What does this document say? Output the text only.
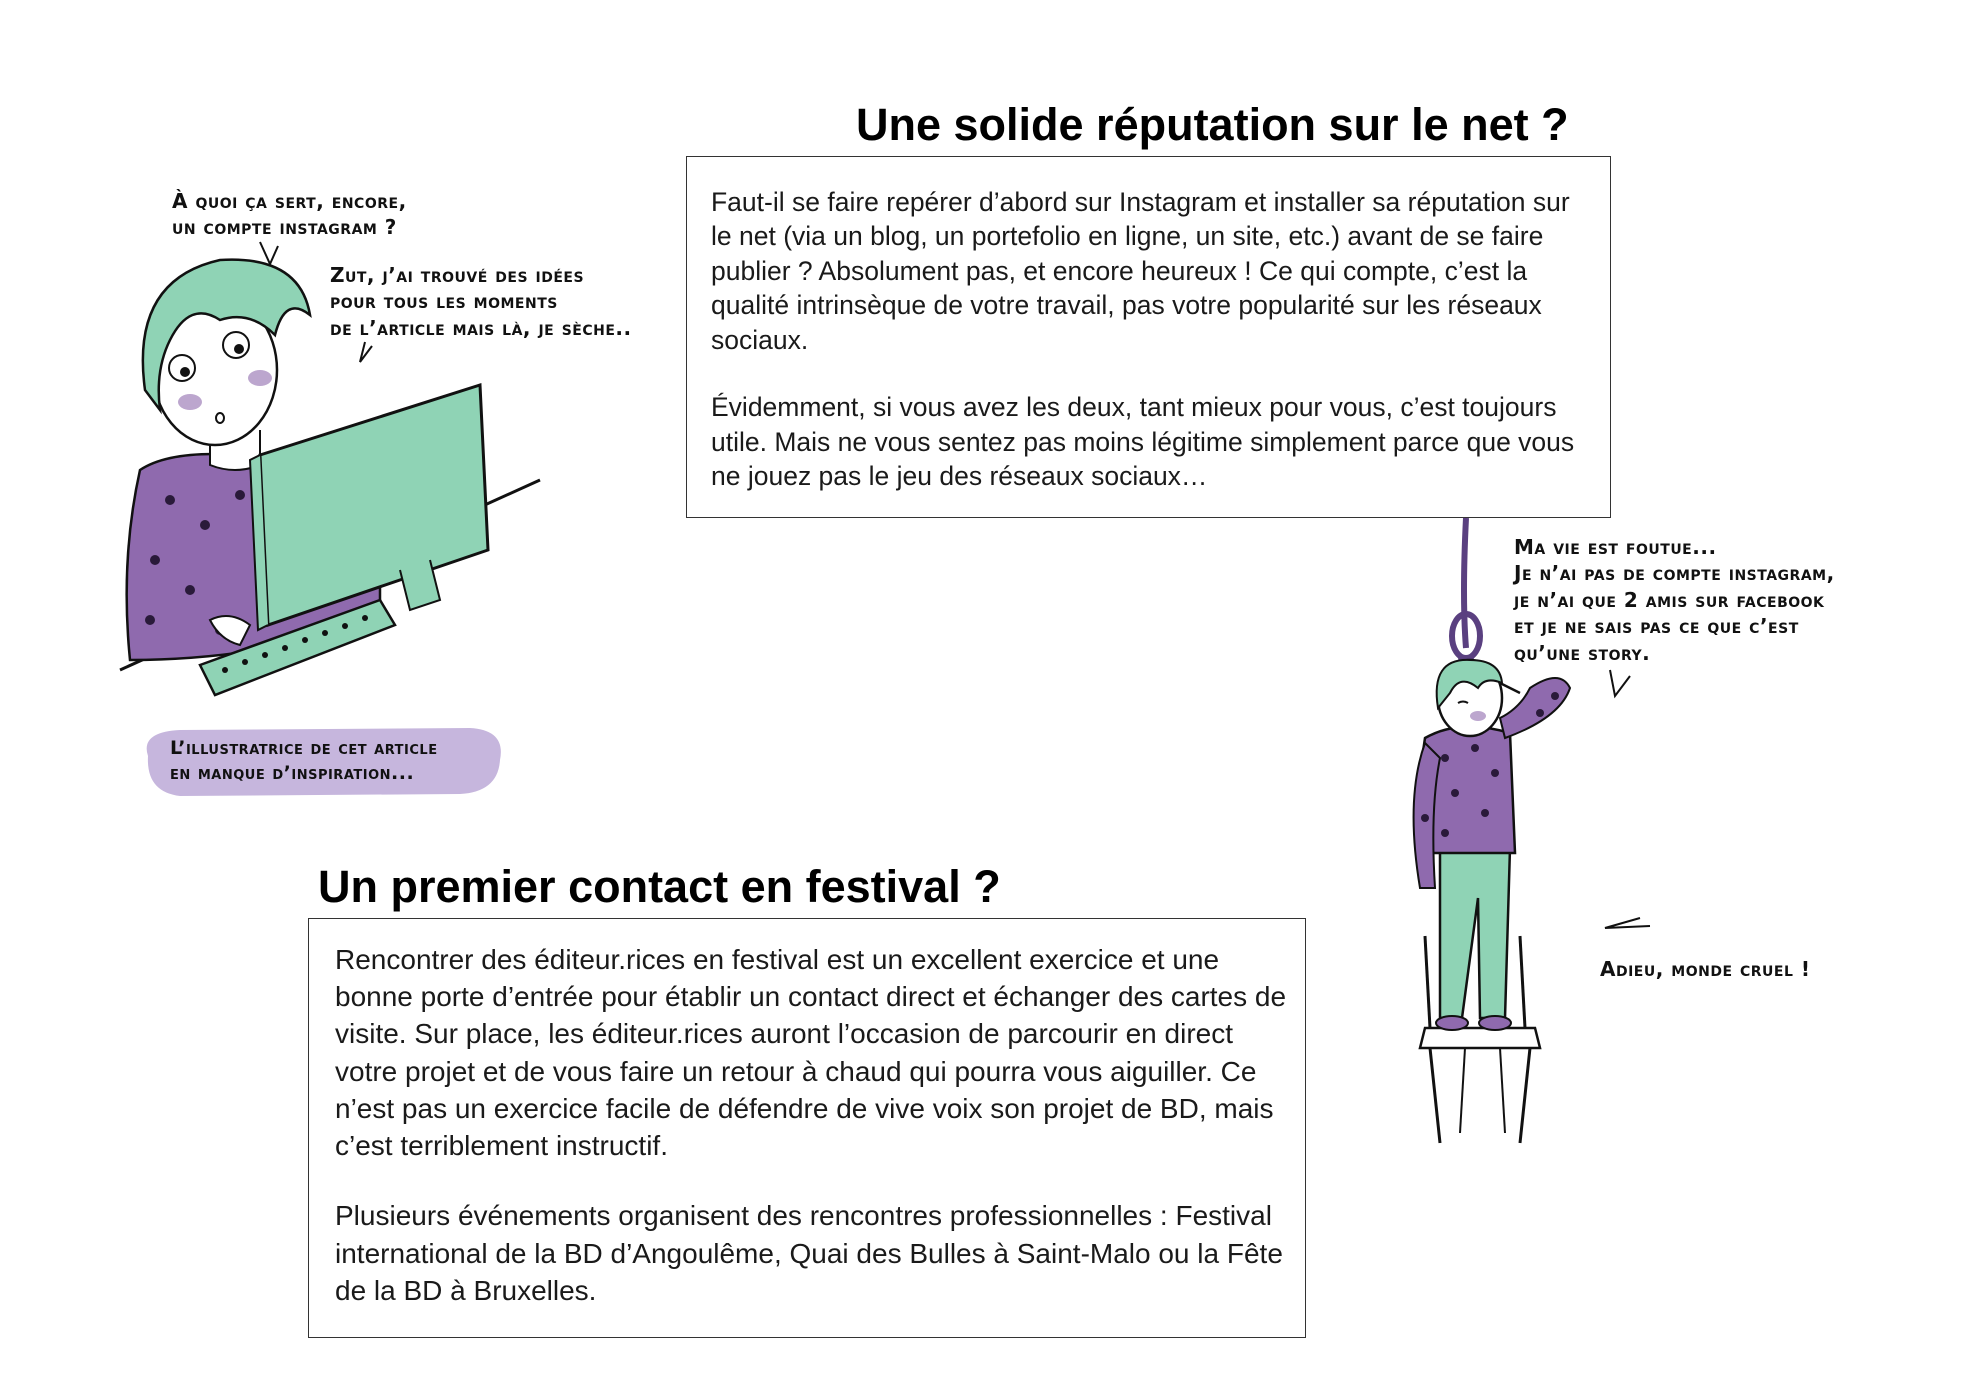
Une solide réputation sur le net ?

Faut-il se faire repérer d’abord sur Instagram et installer sa réputation sur le net (via un blog, un portefolio en ligne, un site, etc.) avant de se faire publier ? Absolument pas, et encore heureux ! Ce qui compte, c’est la qualité intrinsèque de votre travail, pas votre popularité sur les réseaux sociaux.

Évidemment, si vous avez les deux, tant mieux pour vous, c’est toujours utile. Mais ne vous sentez pas moins légitime simplement parce que vous ne jouez pas le jeu des réseaux sociaux…

Un premier contact en festival ?

Rencontrer des éditeur.rices en festival est un excellent exercice et une bonne porte d’entrée pour établir un contact direct et échanger des cartes de visite. Sur place, les éditeur.rices auront l’occasion de parcourir en direct votre projet et de vous faire un retour à chaud qui pourra vous aiguiller. Ce n’est pas un exercice facile de défendre de vive voix son projet de BD, mais c’est terriblement instructif.

Plusieurs événements organisent des rencontres professionnelles : Festival international de la BD d’Angoulême, Quai des Bulles à Saint-Malo ou la Fête de la BD à Bruxelles.

À quoi ça sert, encore,
un compte instagram ?
Zut, j’ai trouvé des idées
pour tous les moments
de l’article mais là, je sèche..
L’illustratrice de cet article
en manque d’inspiration...
Ma vie est foutue...
Je n’ai pas de compte instagram,
je n’ai que 2 amis sur facebook
et je ne sais pas ce que c’est
qu’une story.
Adieu, monde cruel !
